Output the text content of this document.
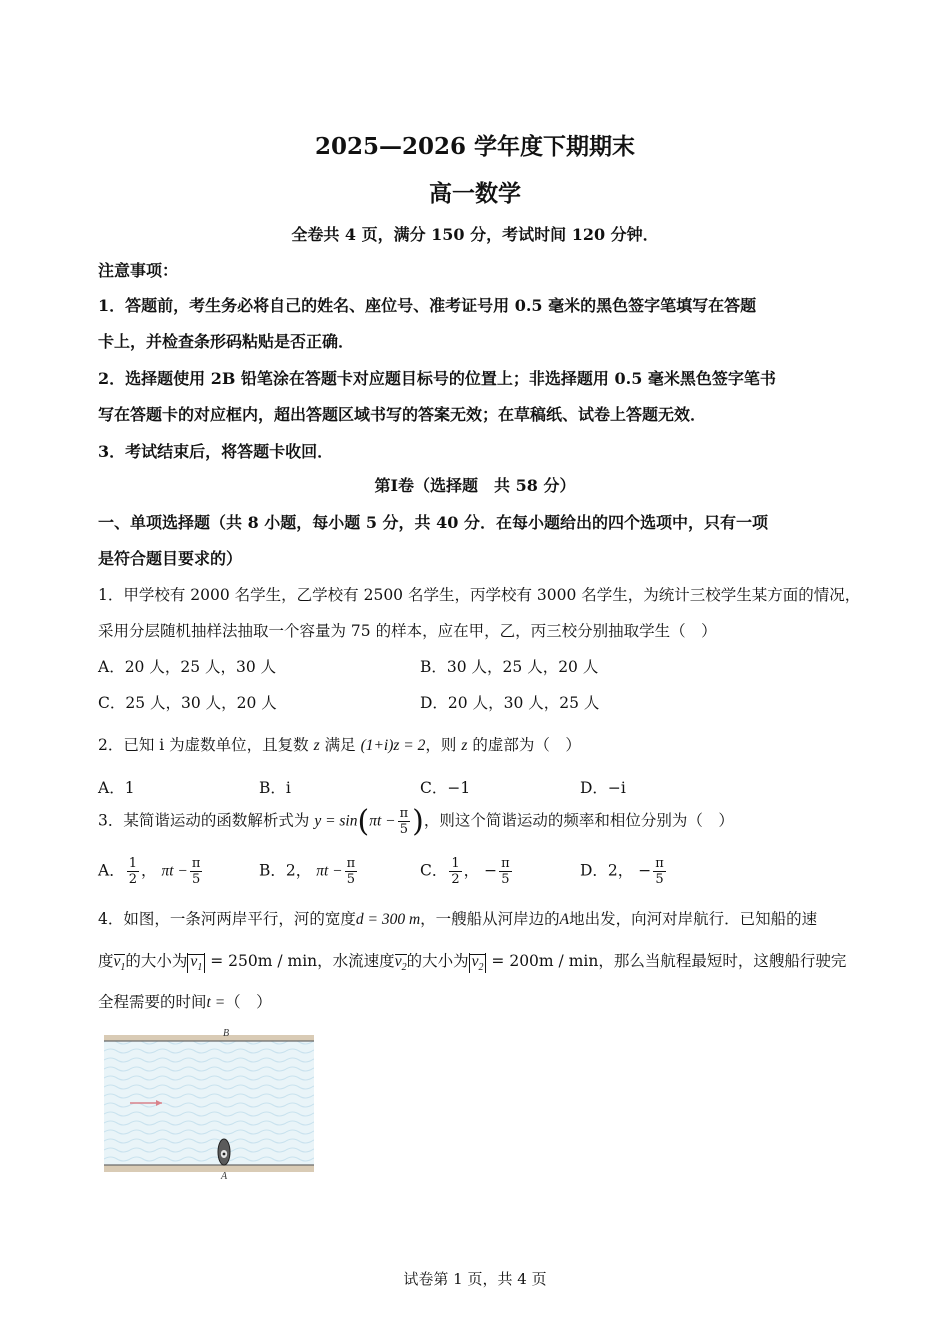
2025—2026 学年度下期期末
高一数学
全卷共 4 页，满分 150 分，考试时间 120 分钟．
注意事项：
1．答题前，考生务必将自己的姓名、座位号、准考证号用 0.5 毫米的黑色签字笔填写在答题
卡上，并检查条形码粘贴是否正确．
2．选择题使用 2B 铅笔涂在答题卡对应题目标号的位置上；非选择题用 0.5 毫米黑色签字笔书
写在答题卡的对应框内，超出答题区域书写的答案无效；在草稿纸、试卷上答题无效．
3．考试结束后，将答题卡收回．
第Ⅰ卷（选择题　共 58 分）
一、单项选择题（共 8 小题，每小题 5 分，共 40 分．在每小题给出的四个选项中，只有一项
是符合题目要求的）
1．甲学校有 2000 名学生，乙学校有 2500 名学生，丙学校有 3000 名学生，为统计三校学生某方面的情况，
采用分层随机抽样法抽取一个容量为 75 的样本，应在甲，乙，丙三校分别抽取学生（　）
A．20 人，25 人，30 人	B．30 人，25 人，20 人
C．25 人，30 人，20 人	D．20 人，30 人，25 人
2．已知 i 为虚数单位，且复数 z 满足 (1+i)z = 2，则 z 的虚部为（　）
A．1	B．i	C．−1	D．−i
3．某简谐运动的函数解析式为 $y = \sin(\pi t - \frac{\pi}{5}$ )，则这个简谐运动的频率和相位分别为（　）
A． $\frac{1}{2}$ ， $\pi t - \frac{\pi}{5}$	B．2， $\pi t - \frac{\pi}{5}$	C． $\frac{1}{2}$ ， − $\frac{\pi}{5}$	D．2， − $\frac{\pi}{5}$
4．如图，一条河两岸平行，河的宽度d = 300 m，一艘船从河岸边的A地出发，向河对岸航行．已知船的速
度$v_1$的大小为 $v_1 = 250m / \min$，水流速度$v_2$的大小为 $v_2 = 200m / \min$，那么当航程最短时，这艘船行驶完
全程需要的时间t =（　）
B
A
试卷第 1 页，共 4 页
